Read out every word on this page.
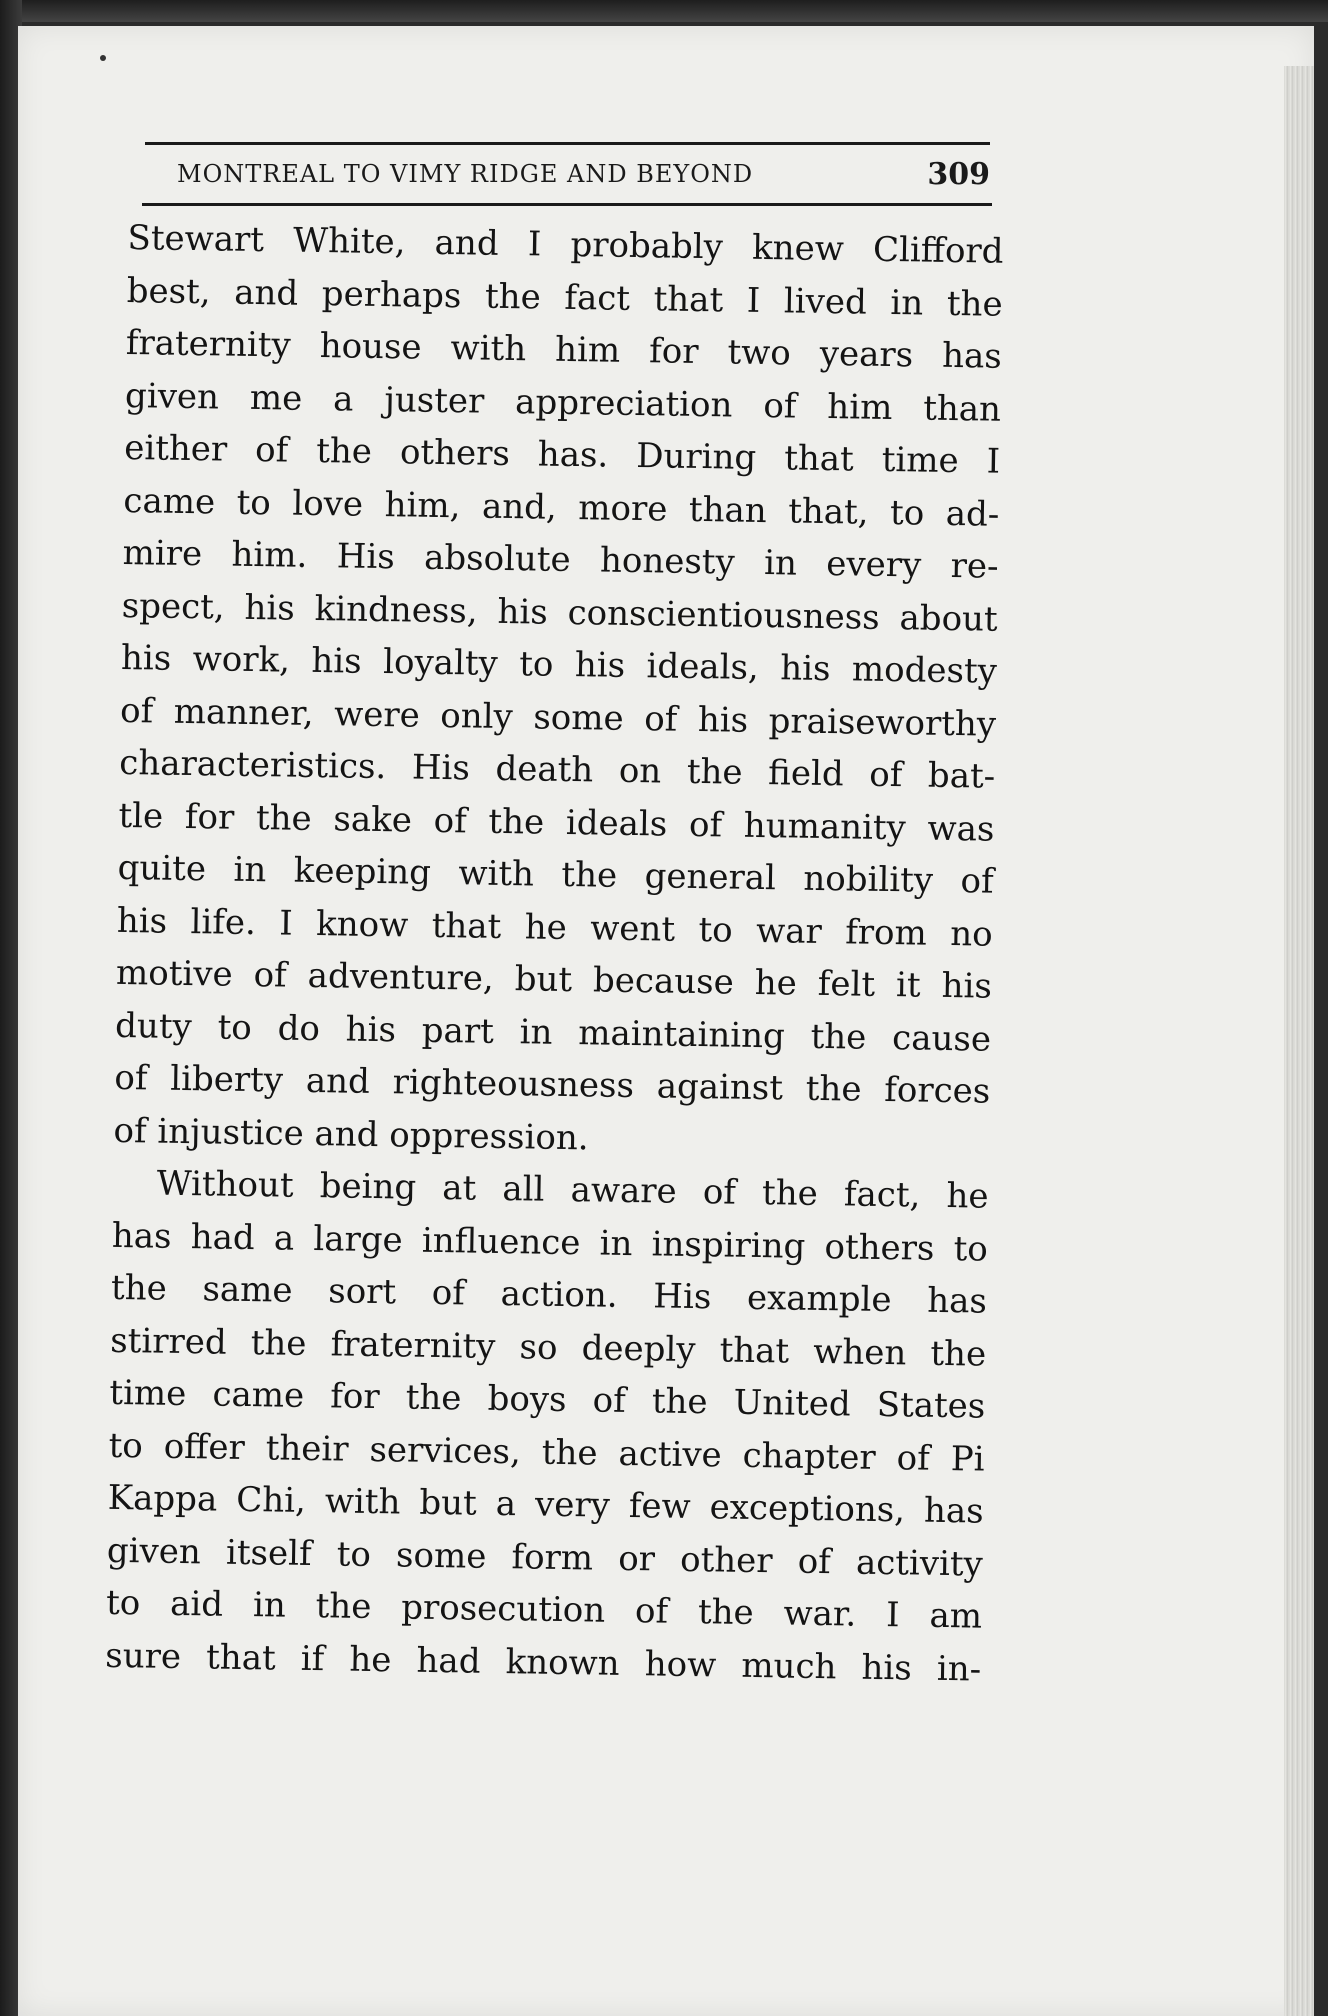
MONTREAL TO VIMY RIDGE AND BEYOND	309
Stewart White, and I probably knew Clifford
best, and perhaps the fact that I lived in the
fraternity house with him for two years has
given me a juster appreciation of him than
either of the others has. During that time I
came to love him, and, more than that, to ad-
mire him. His absolute honesty in every re-
spect, his kindness, his conscientiousness about
his work, his loyalty to his ideals, his modesty
of manner, were only some of his praiseworthy
characteristics. His death on the field of bat-
tle for the sake of the ideals of humanity was
quite in keeping with the general nobility of
his life. I know that he went to war from no
motive of adventure, but because he felt it his
duty to do his part in maintaining the cause
of liberty and righteousness against the forces
of injustice and oppression.
Without being at all aware of the fact, he
has had a large influence in inspiring others to
the same sort of action. His example has
stirred the fraternity so deeply that when the
time came for the boys of the United States
to offer their services, the active chapter of Pi
Kappa Chi, with but a very few exceptions, has
given itself to some form or other of activity
to aid in the prosecution of the war. I am
sure that if he had known how much his in-
